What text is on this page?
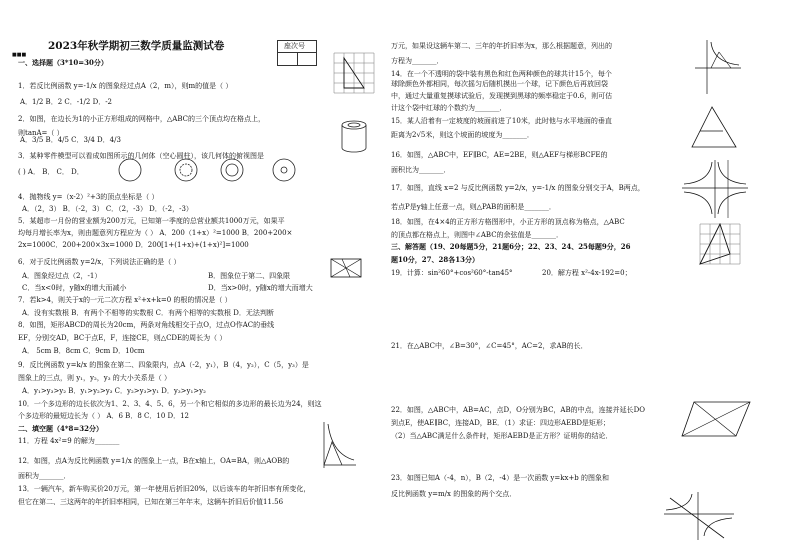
■■■
2023年秋学期初三数学质量监测试卷	座次号
一、选择题（3*10=30分）
1．若反比例函数 y=-1/x 的图象经过点A（2，m），则m的值是（ ）
A．1/2 B．2 C．-1/2 D．-2
2．如图，在边长为1的小正方形组成的网格中，△ABC的三个顶点均在格点上，
则tanA=（ ）
A．3/5 B．4/5 C．3/4 D．4/3
3．某种零件模型可以看成如图所示的几何体（空心圆柱），该几何体的俯视图是
( ) A． B． C． D．
4．抛物线 y=（x-2）²+3的顶点坐标是（ ）
A．（2，3） B．（-2，3） C．（2，-3） D．（-2，-3）
5．某超市一月份的营业额为200万元，已知第一季度的总营业额共1000万元，如果平
均每月增长率为x，则由题意列方程应为（ ） A．200（1+x）²=1000 B．200+200×
2x=1000C．200+200×3x=1000 D．200[1+(1+x)+(1+x)²]=1000
6．对于反比例函数 y=2/x，下列说法正确的是（ ）
A．图象经过点（2，-1）	B．图象位于第二、四象限
C．当x<0时，y随x的增大而减小	D．当x>0时，y随x的增大而增大
7．若k>4，则关于x的一元二次方程 x²+x+k=0 的根的情况是（ ）
A．没有实数根 B．有两个不相等的实数根 C．有两个相等的实数根 D．无法判断
8．如图，矩形ABCD的周长为20cm，两条对角线相交于点O，过点O作AC的垂线
EF，分别交AD，BC于点E，F，连接CE，则△CDE的周长为（ ）
A． 5cm B．8cm C．9cm D．10cm
9．反比例函数 y=k/x 的图象在第二、四象限内，点A（-2，y₁），B（4，y₂），C（5，y₃）是
图象上的三点，则 y₁，y₂，y₃ 的大小关系是（ ）
A．y₁>y₃>y₂ B．y₁>y₂>y₃ C．y₂>y₃>y₁ D．y₃>y₁>y₂
10．一个多边形的边长依次为1、2、3、4、5、6，另一个和它相似的多边形的最长边为24，则这
个多边形的最短边长为（ ） A．6 B．8 C．10 D．12
二、填空题（4*8=32分）
11．方程 4x²=9 的解为_______
12．如图，点A为反比例函数 y=1/x 的图象上一点，B在x轴上，OA=BA，则△AOB的
面积为_______．
13．一辆汽车，新车购买价20万元，第一年使用后折旧20%，以后该车的年折旧率有所变化，
但它在第二、三这两年的年折旧率相同，已知在第三年年末，这辆车折旧后价值11.56
万元，如果设这辆车第二、三年的年折旧率为x，那么根据题意，列出的
方程为_______．
14．在一个不透明的袋中装有黑色和红色两种颜色的球共计15个，每个
球除颜色外都相同，每次摇匀后随机摸出一个球，记下颜色后再放回袋
中，通过大量重复摸球试验后，发现摸到黑球的频率稳定于0.6，则可估
计这个袋中红球的个数约为_______．
15．某人沿着有一定坡度的坡面前进了10米，此时他与水平地面的垂直
距离为2√5米，则这个坡面的坡度为_______．
16．如图，△ABC中，EF∥BC，AE=2BE，则△AEF与梯形BCFE的
面积比为_______．
17．如图，直线 x=2 与反比例函数 y=2/x，y=-1/x 的图象分别交于A，B两点，
若点P是y轴上任意一点，则△PAB的面积是_______．
18．如图，在4×4的正方形方格图形中，小正方形的顶点称为格点，△ABC
的顶点都在格点上，则图中∠ABC的余弦值是_______．
三、解答题（19、20每题5分，21题6分；22、23、24、25每题9分，26
题10分，27、28各13分）
19．计算：sin²60°+cos²60°-tan45°	20．解方程 x²-4x-192=0；
21．在△ABC中，∠B=30°，∠C=45°，AC=2，求AB的长．
22．如图，△ABC中，AB=AC，点D，O分别为BC，AB的中点，连接并延长DO
到点E，使AE∥BC，连接AD，BE．（1）求证：四边形AEBD是矩形；
（2）当△ABC满足什么条件时，矩形AEBD是正方形？证明你的结论．
23．如图已知A（-4，n），B（2，-4）是一次函数 y=kx+b 的图象和
反比例函数 y=m/x 的图象的两个交点．
